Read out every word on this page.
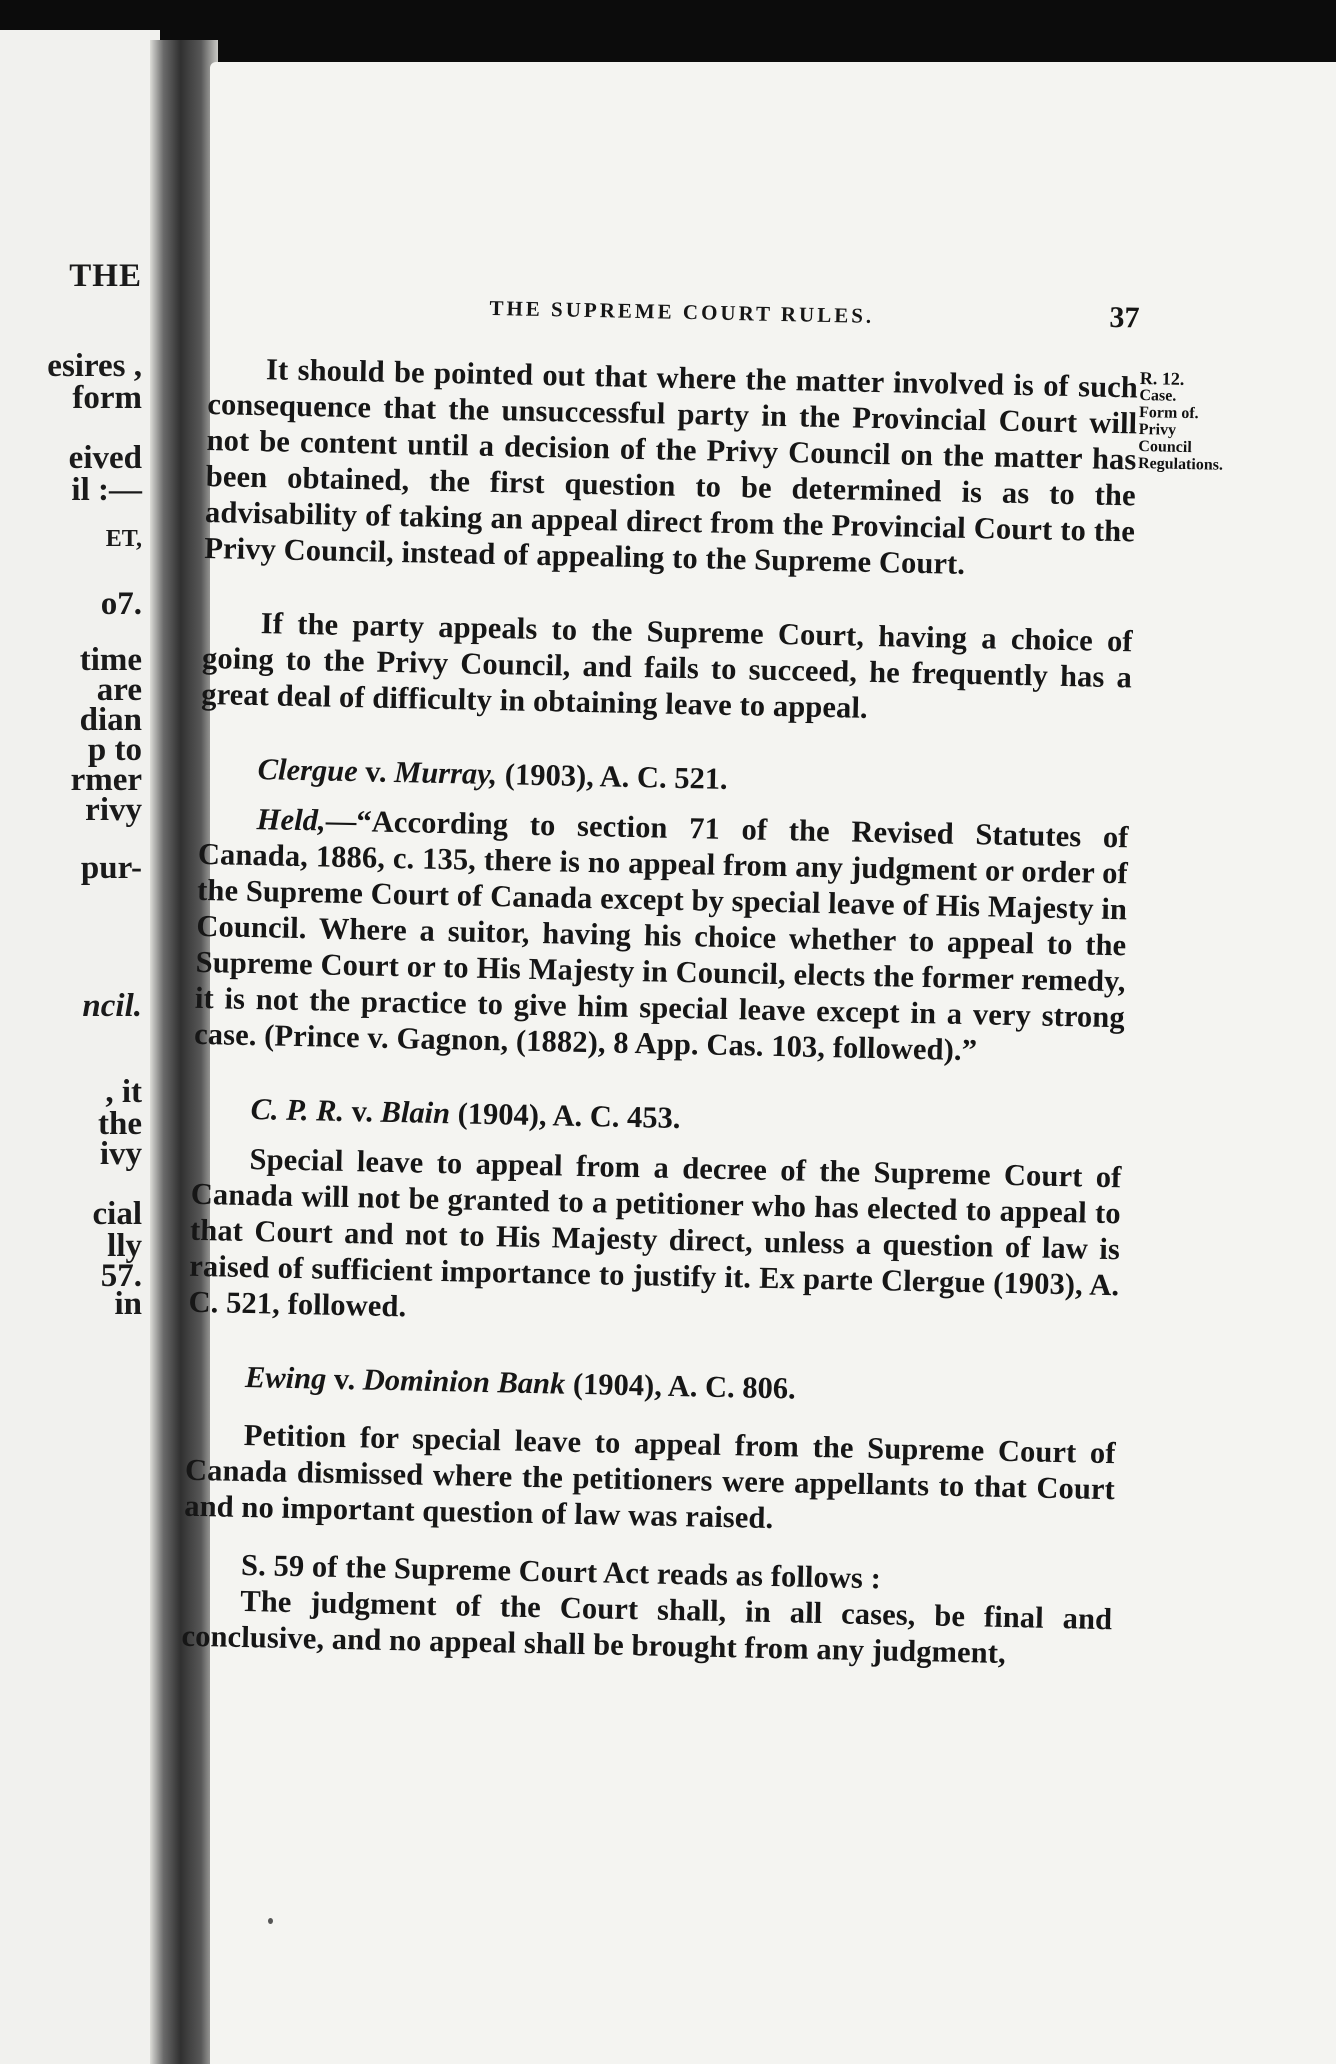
THE
esires ,
form
eived
il :—
ET,
o7.
time
are
dian
p to
rmer
rivy
pur-
ncil.
, it
the
ivy
cial
lly
57.
in
THE SUPREME COURT RULES.	37

It should be pointed out that where the matter involved is of such consequence that the unsuccessful party in the Provincial Court will not be content until a decision of the Privy Council on the matter has been obtained, the first question to be determined is as to the advisability of taking an appeal direct from the Provincial Court to the Privy Council, instead of appealing to the Supreme Court.

If the party appeals to the Supreme Court, having a choice of going to the Privy Council, and fails to succeed, he frequently has a great deal of difficulty in obtaining leave to appeal.

Clergue v. Murray, (1903), A. C. 521.

Held,—“According to section 71 of the Revised Statutes of Canada, 1886, c. 135, there is no appeal from any judgment or order of the Supreme Court of Canada except by special leave of His Majesty in Council. Where a suitor, having his choice whether to appeal to the Supreme Court or to His Majesty in Council, elects the former remedy, it is not the practice to give him special leave except in a very strong case. (Prince v. Gagnon, (1882), 8 App. Cas. 103, followed).”

C. P. R. v. Blain (1904), A. C. 453.

Special leave to appeal from a decree of the Supreme Court of Canada will not be granted to a petitioner who has elected to appeal to that Court and not to His Majesty direct, unless a question of law is raised of sufficient importance to justify it. Ex parte Clergue (1903), A. C. 521, followed.

Ewing v. Dominion Bank (1904), A. C. 806.

Petition for special leave to appeal from the Supreme Court of Canada dismissed where the petitioners were appellants to that Court and no important question of law was raised.

S. 59 of the Supreme Court Act reads as follows :

The judgment of the Court shall, in all cases, be final and conclusive, and no appeal shall be brought from any judgment,

R. 12.
Case.
Form of.
Privy
Council
Regulations.
